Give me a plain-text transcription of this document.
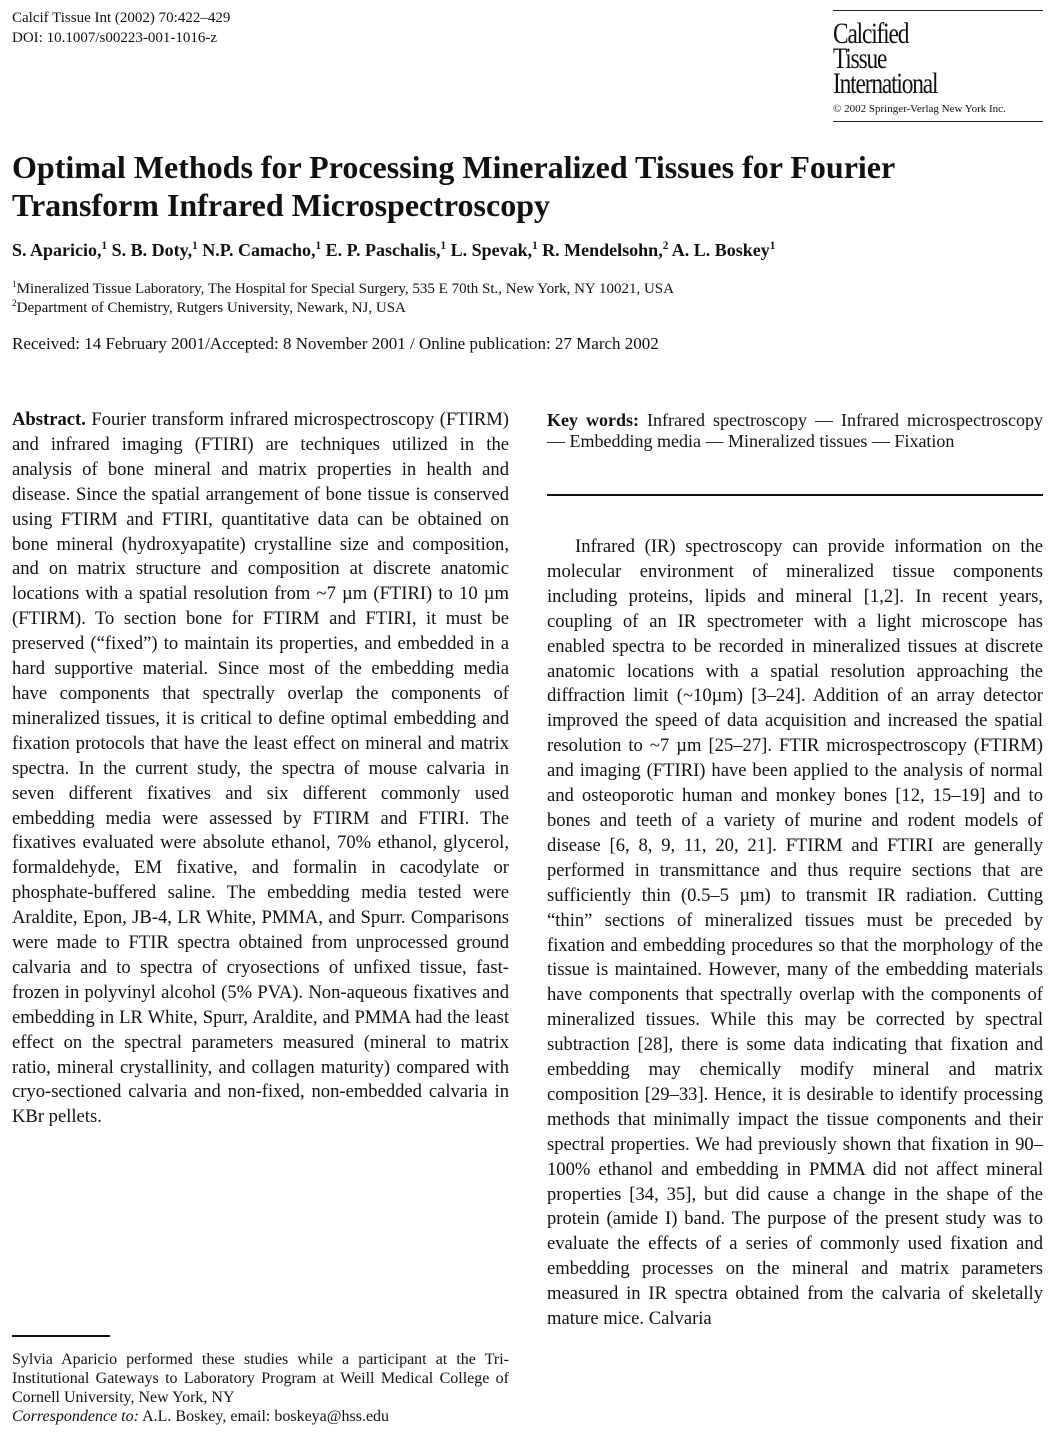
Calcif Tissue Int (2002) 70:422–429
DOI: 10.1007/s00223-001-1016-z	Calcified
Tissue
International
© 2002 Springer-Verlag New York Inc.
Optimal Methods for Processing Mineralized Tissues for Fourier Transform Infrared Microspectroscopy
S. Aparicio,$^1$ S. B. Doty,$^1$ N.P. Camacho,$^1$ E. P. Paschalis,$^1$ L. Spevak,$^1$ R. Mendelsohn,$^2$ A. L. Boskey$^1$
$^1$Mineralized Tissue Laboratory, The Hospital for Special Surgery, 535 E 70th St., New York, NY 10021, USA
$^2$Department of Chemistry, Rutgers University, Newark, NJ, USA
Received: 14 February 2001/Accepted: 8 November 2001 / Online publication: 27 March 2002
Abstract. Fourier transform infrared microspectroscopy (FTIRM) and infrared imaging (FTIRI) are techniques utilized in the analysis of bone mineral and matrix properties in health and disease. Since the spatial arrangement of bone tissue is conserved using FTIRM and FTIRI, quantitative data can be obtained on bone mineral (hydroxyapatite) crystalline size and composition, and on matrix structure and composition at discrete anatomic locations with a spatial resolution from ~7 µm (FTIRI) to 10 µm (FTIRM). To section bone for FTIRM and FTIRI, it must be preserved (“fixed”) to maintain its properties, and embedded in a hard supportive material. Since most of the embedding media have components that spectrally overlap the components of mineralized tissues, it is critical to define optimal embedding and fixation protocols that have the least effect on mineral and matrix spectra. In the current study, the spectra of mouse calvaria in seven different fixatives and six different commonly used embedding media were assessed by FTIRM and FTIRI. The fixatives evaluated were absolute ethanol, 70% ethanol, glycerol, formaldehyde, EM fixative, and formalin in cacodylate or phosphate-buffered saline. The embedding media tested were Araldite, Epon, JB-4, LR White, PMMA, and Spurr. Comparisons were made to FTIR spectra obtained from unprocessed ground calvaria and to spectra of cryosections of unfixed tissue, fast-frozen in polyvinyl alcohol (5% PVA). Non-aqueous fixatives and embedding in LR White, Spurr, Araldite, and PMMA had the least effect on the spectral parameters measured (mineral to matrix ratio, mineral crystallinity, and collagen maturity) compared with cryo-sectioned calvaria and non-fixed, non-embedded calvaria in KBr pellets.
Key words: Infrared spectroscopy — Infrared microspectroscopy — Embedding media — Mineralized tissues — Fixation

Infrared (IR) spectroscopy can provide information on the molecular environment of mineralized tissue components including proteins, lipids and mineral [1,2]. In recent years, coupling of an IR spectrometer with a light microscope has enabled spectra to be recorded in mineralized tissues at discrete anatomic locations with a spatial resolution approaching the diffraction limit (~10µm) [3–24]. Addition of an array detector improved the speed of data acquisition and increased the spatial resolution to ~7 µm [25–27]. FTIR microspectroscopy (FTIRM) and imaging (FTIRI) have been applied to the analysis of normal and osteoporotic human and monkey bones [12, 15–19] and to bones and teeth of a variety of murine and rodent models of disease [6, 8, 9, 11, 20, 21]. FTIRM and FTIRI are generally performed in transmittance and thus require sections that are sufficiently thin (0.5–5 µm) to transmit IR radiation. Cutting “thin” sections of mineralized tissues must be preceded by fixation and embedding procedures so that the morphology of the tissue is maintained. However, many of the embedding materials have components that spectrally overlap with the components of mineralized tissues. While this may be corrected by spectral subtraction [28], there is some data indicating that fixation and embedding may chemically modify mineral and matrix composition [29–33]. Hence, it is desirable to identify processing methods that minimally impact the tissue components and their spectral properties. We had previously shown that fixation in 90–100% ethanol and embedding in PMMA did not affect mineral properties [34, 35], but did cause a change in the shape of the protein (amide I) band. The purpose of the present study was to evaluate the effects of a series of commonly used fixation and embedding processes on the mineral and matrix parameters measured in IR spectra obtained from the calvaria of skeletally mature mice. Calvaria

Sylvia Aparicio performed these studies while a participant at the Tri-Institutional Gateways to Laboratory Program at Weill Medical College of Cornell University, New York, NY
Correspondence to: A.L. Boskey, email: boskeya@hss.edu
